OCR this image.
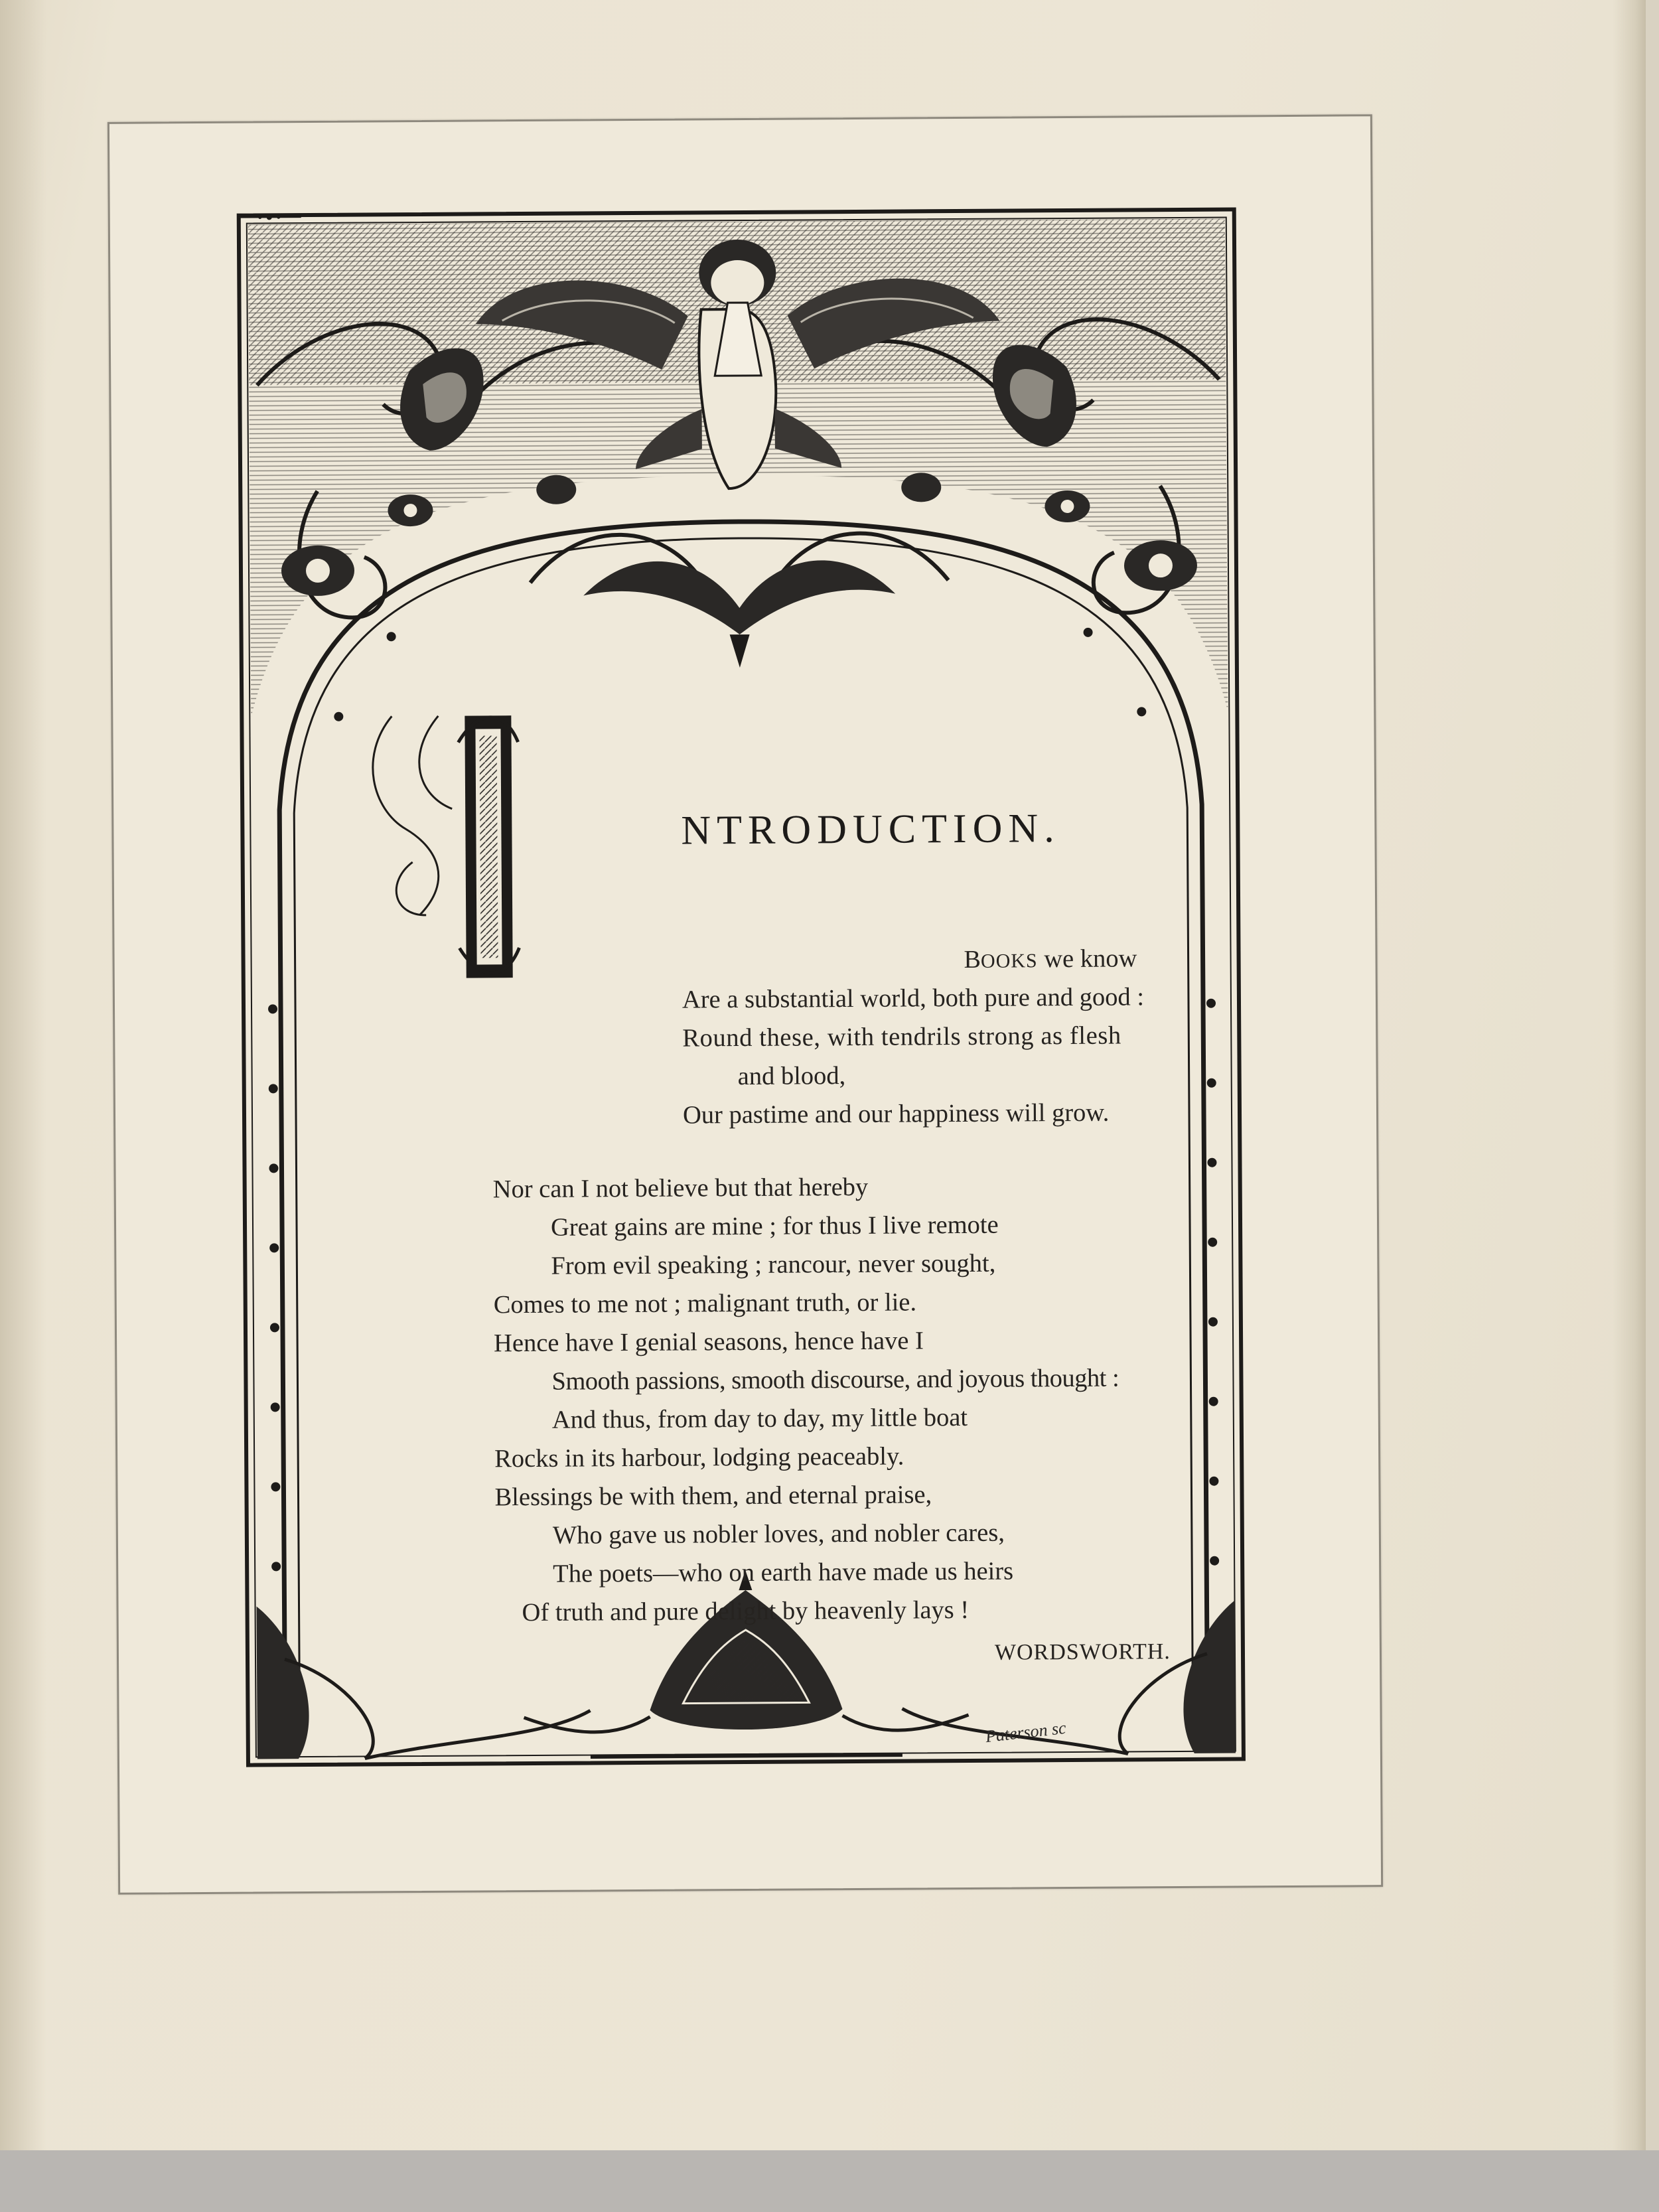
NTRODUCTION.
BOOKS we know
Are a substantial world, both pure and good :
Round these, with tendrils strong as flesh
and blood,
Our pastime and our happiness will grow.
Nor can I not believe but that hereby
Great gains are mine ; for thus I live remote
From evil speaking ; rancour, never sought,
Comes to me not ; malignant truth, or lie.
Hence have I genial seasons, hence have I
Smooth passions, smooth discourse, and joyous thought :
And thus, from day to day, my little boat
Rocks in its harbour, lodging peaceably.
Blessings be with them, and eternal praise,
Who gave us nobler loves, and nobler cares,
The poets—who on earth have made us heirs
Of truth and pure delight by heavenly lays !
WORDSWORTH.
Paterson sc
